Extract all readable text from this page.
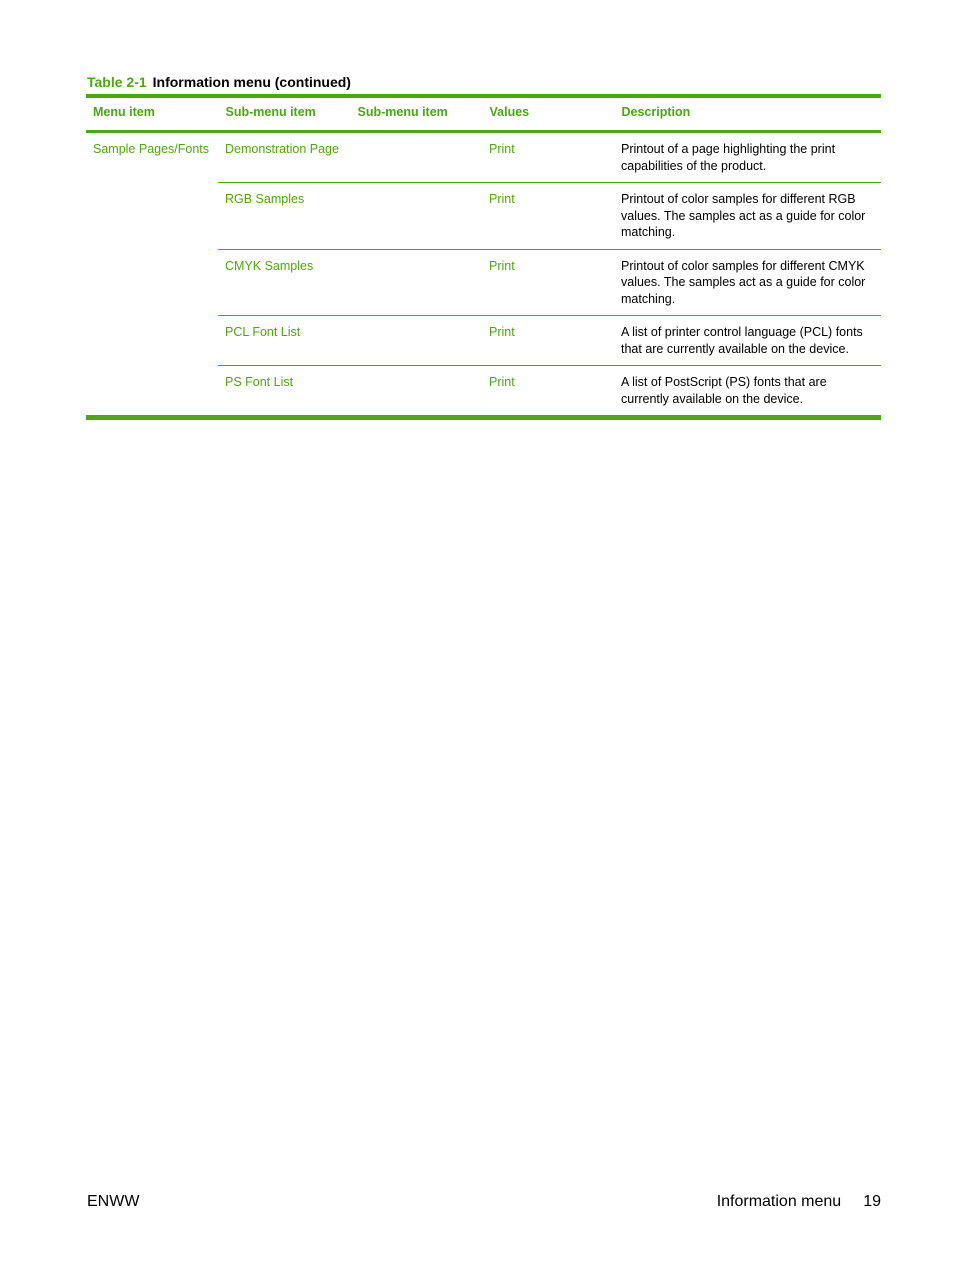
Table 2-1 Information menu (continued)
Menu item	Sub-menu item	Sub-menu item	Values	Description
Sample Pages/Fonts	Demonstration Page		Print	Printout of a page highlighting the print capabilities of the product.
	RGB Samples		Print	Printout of color samples for different RGB values. The samples act as a guide for color matching.
	CMYK Samples		Print	Printout of color samples for different CMYK values. The samples act as a guide for color matching.
	PCL Font List		Print	A list of printer control language (PCL) fonts that are currently available on the device.
	PS Font List		Print	A list of PostScript (PS) fonts that are currently available on the device.
ENWW	Information menu 19
